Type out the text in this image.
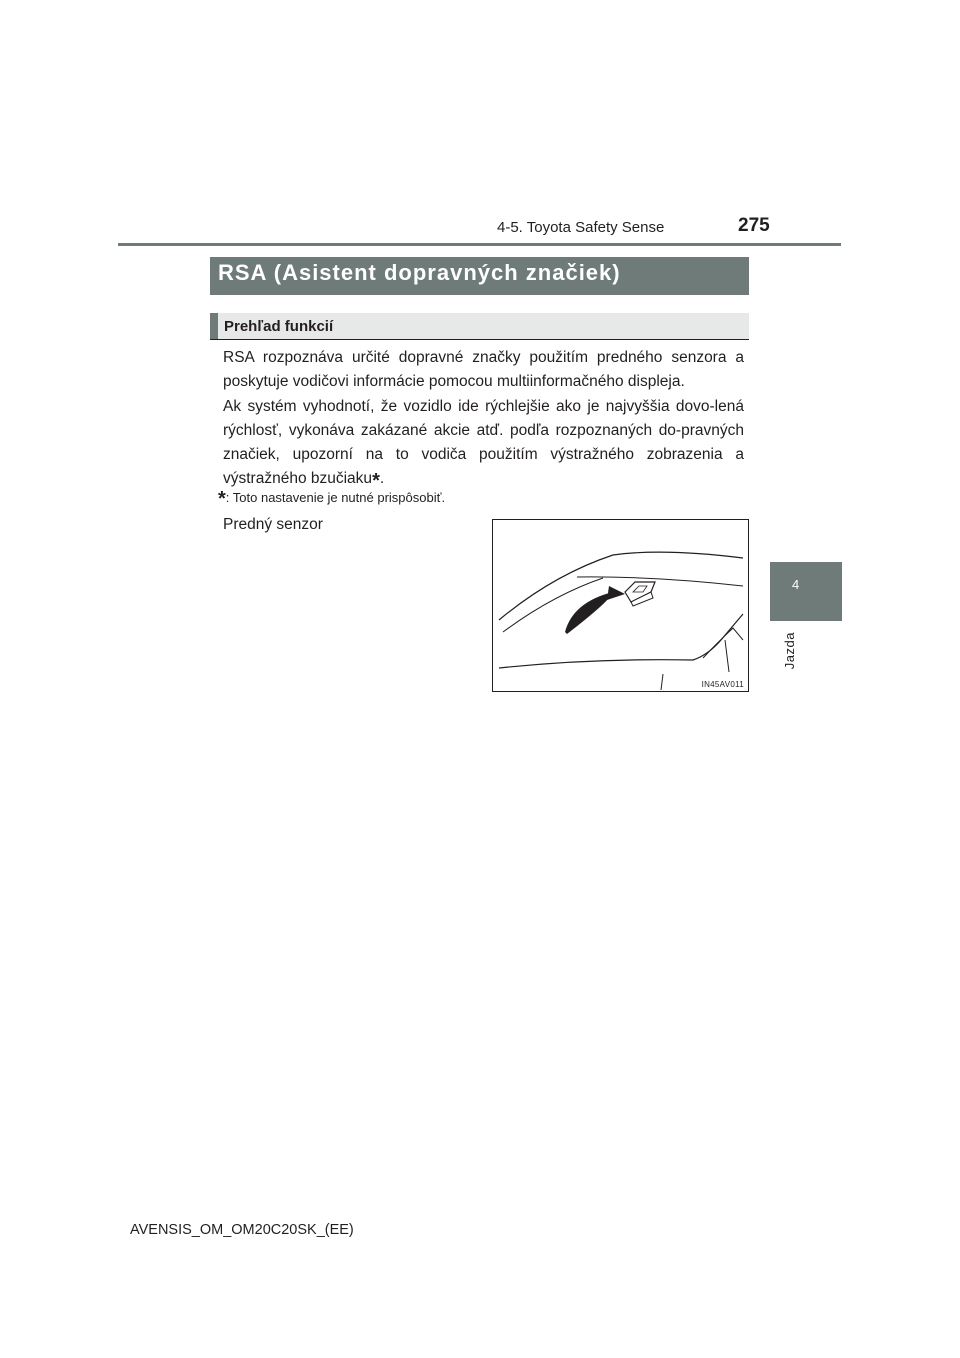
4-5. Toyota Safety Sense	275
RSA (Asistent dopravných značiek)
Prehľad funkcií
RSA rozpoznáva určité dopravné značky použitím predného senzora a poskytuje vodičovi informácie pomocou multiinformačného displeja.
Ak systém vyhodnotí, že vozidlo ide rýchlejšie ako je najvyššia dovo-lená rýchlosť, vykonáva zakázané akcie atď. podľa rozpoznaných do-pravných značiek, upozorní na to vodiča použitím výstražného zobrazenia a výstražného bzučiaku*.
*: Toto nastavenie je nutné prispôsobiť.
Predný senzor
IN45AV011
4
Jazda
AVENSIS_OM_OM20C20SK_(EE)
